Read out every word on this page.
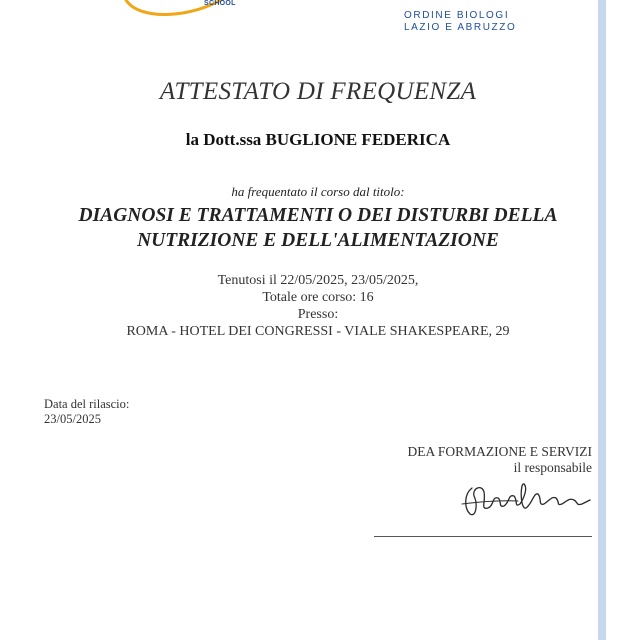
SCHOOL
ORDINE BIOLOGI
LAZIO E ABRUZZO
ATTESTATO DI FREQUENZA
la Dott.ssa BUGLIONE FEDERICA
ha frequentato il corso dal titolo:
DIAGNOSI E TRATTAMENTI O DEI DISTURBI DELLA
NUTRIZIONE E DELL'ALIMENTAZIONE
Tenutosi il 22/05/2025, 23/05/2025,
Totale ore corso: 16
Presso:
ROMA - HOTEL DEI CONGRESSI - VIALE SHAKESPEARE, 29
Data del rilascio:
23/05/2025
DEA FORMAZIONE E SERVIZI
il responsabile
